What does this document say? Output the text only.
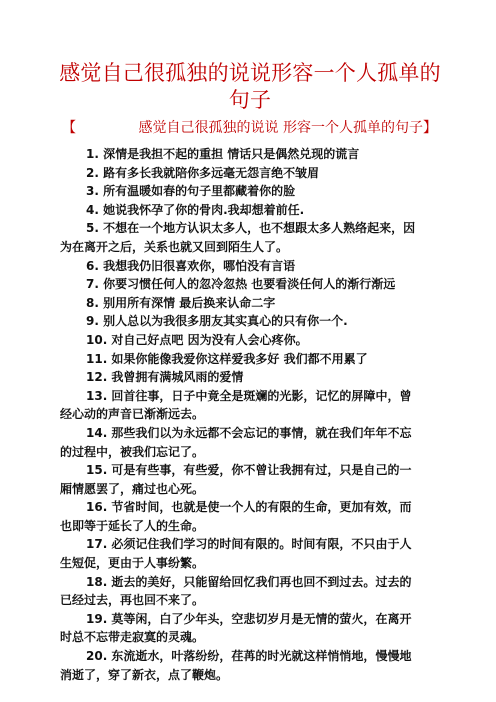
感觉自己很孤独的说说形容一个人孤单的句子
【	感觉自己很孤独的说说 形容一个人孤单的句子】
1. 深情是我担不起的重担 情话只是偶然兑现的谎言
2. 路有多长我就陪你多远毫无怨言绝不皱眉
3. 所有温暖如春的句子里都藏着你的脸
4. 她说我怀孕了你的骨肉.我却想着前任.
5. 不想在一个地方认识太多人，也不想跟太多人熟络起来，因为在离开之后，关系也就又回到陌生人了。
6. 我想我仍旧很喜欢你，哪怕没有言语
7. 你要习惯任何人的忽冷忽热 也要看淡任何人的渐行渐远
8. 别用所有深情 最后换来认命二字
9. 别人总以为我很多朋友其实真心的只有你一个.
10. 对自己好点吧 因为没有人会心疼你。
11. 如果你能像我爱你这样爱我多好 我们都不用累了
12. 我曾拥有满城风雨的爱情
13. 回首往事，日子中竟全是斑斓的光影，记忆的屏障中，曾经心动的声音已渐渐远去。
14. 那些我们以为永远都不会忘记的事情，就在我们年年不忘的过程中，被我们忘记了。
15. 可是有些事，有些爱，你不曾让我拥有过，只是自己的一厢情愿罢了，痛过也心死。
16. 节省时间，也就是使一个人的有限的生命，更加有效，而也即等于延长了人的生命。
17. 必须记住我们学习的时间有限的。时间有限，不只由于人生短促，更由于人事纷繁。
18. 逝去的美好，只能留给回忆我们再也回不到过去。过去的已经过去，再也回不来了。
19. 莫等闲，白了少年头，空悲切岁月是无情的萤火，在离开时总不忘带走寂寞的灵魂。
20. 东流逝水，叶落纷纷，荏苒的时光就这样悄悄地，慢慢地消逝了，穿了新衣，点了鞭炮。
